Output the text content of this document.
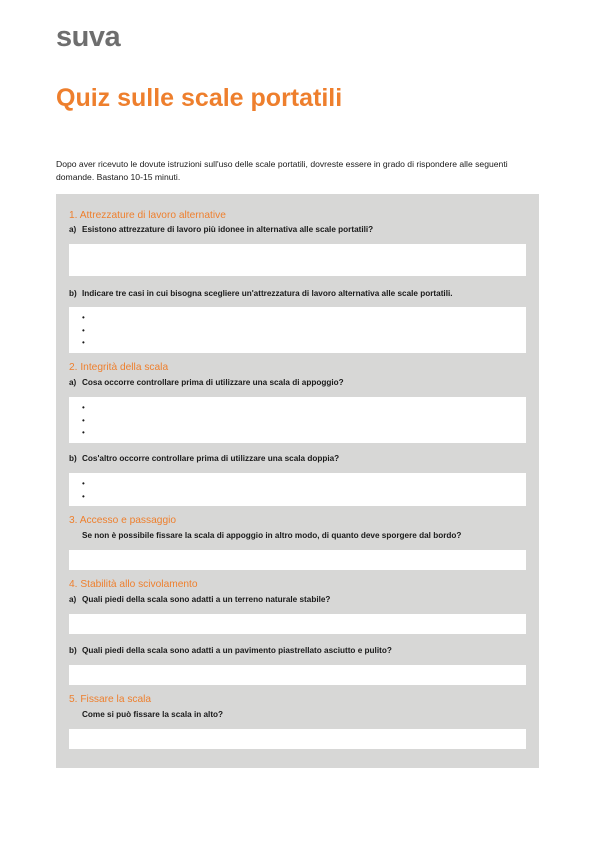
suva
Quiz sulle scale portatili

Dopo aver ricevuto le dovute istruzioni sull'uso delle scale portatili, dovreste essere in grado di rispondere alle seguenti domande. Bastano 10-15 minuti.

1. Attrezzature di lavoro alternative
a) Esistono attrezzature di lavoro più idonee in alternativa alle scale portatili?
b) Indicare tre casi in cui bisogna scegliere un'attrezzatura di lavoro alternativa alle scale portatili.
•
•
•
2. Integrità della scala
a) Cosa occorre controllare prima di utilizzare una scala di appoggio?
•
•
•
b) Cos'altro occorre controllare prima di utilizzare una scala doppia?
•
•
3. Accesso e passaggio
Se non è possibile fissare la scala di appoggio in altro modo, di quanto deve sporgere dal bordo?
4. Stabilità allo scivolamento
a) Quali piedi della scala sono adatti a un terreno naturale stabile?
b) Quali piedi della scala sono adatti a un pavimento piastrellato asciutto e pulito?
5. Fissare la scala
Come si può fissare la scala in alto?
